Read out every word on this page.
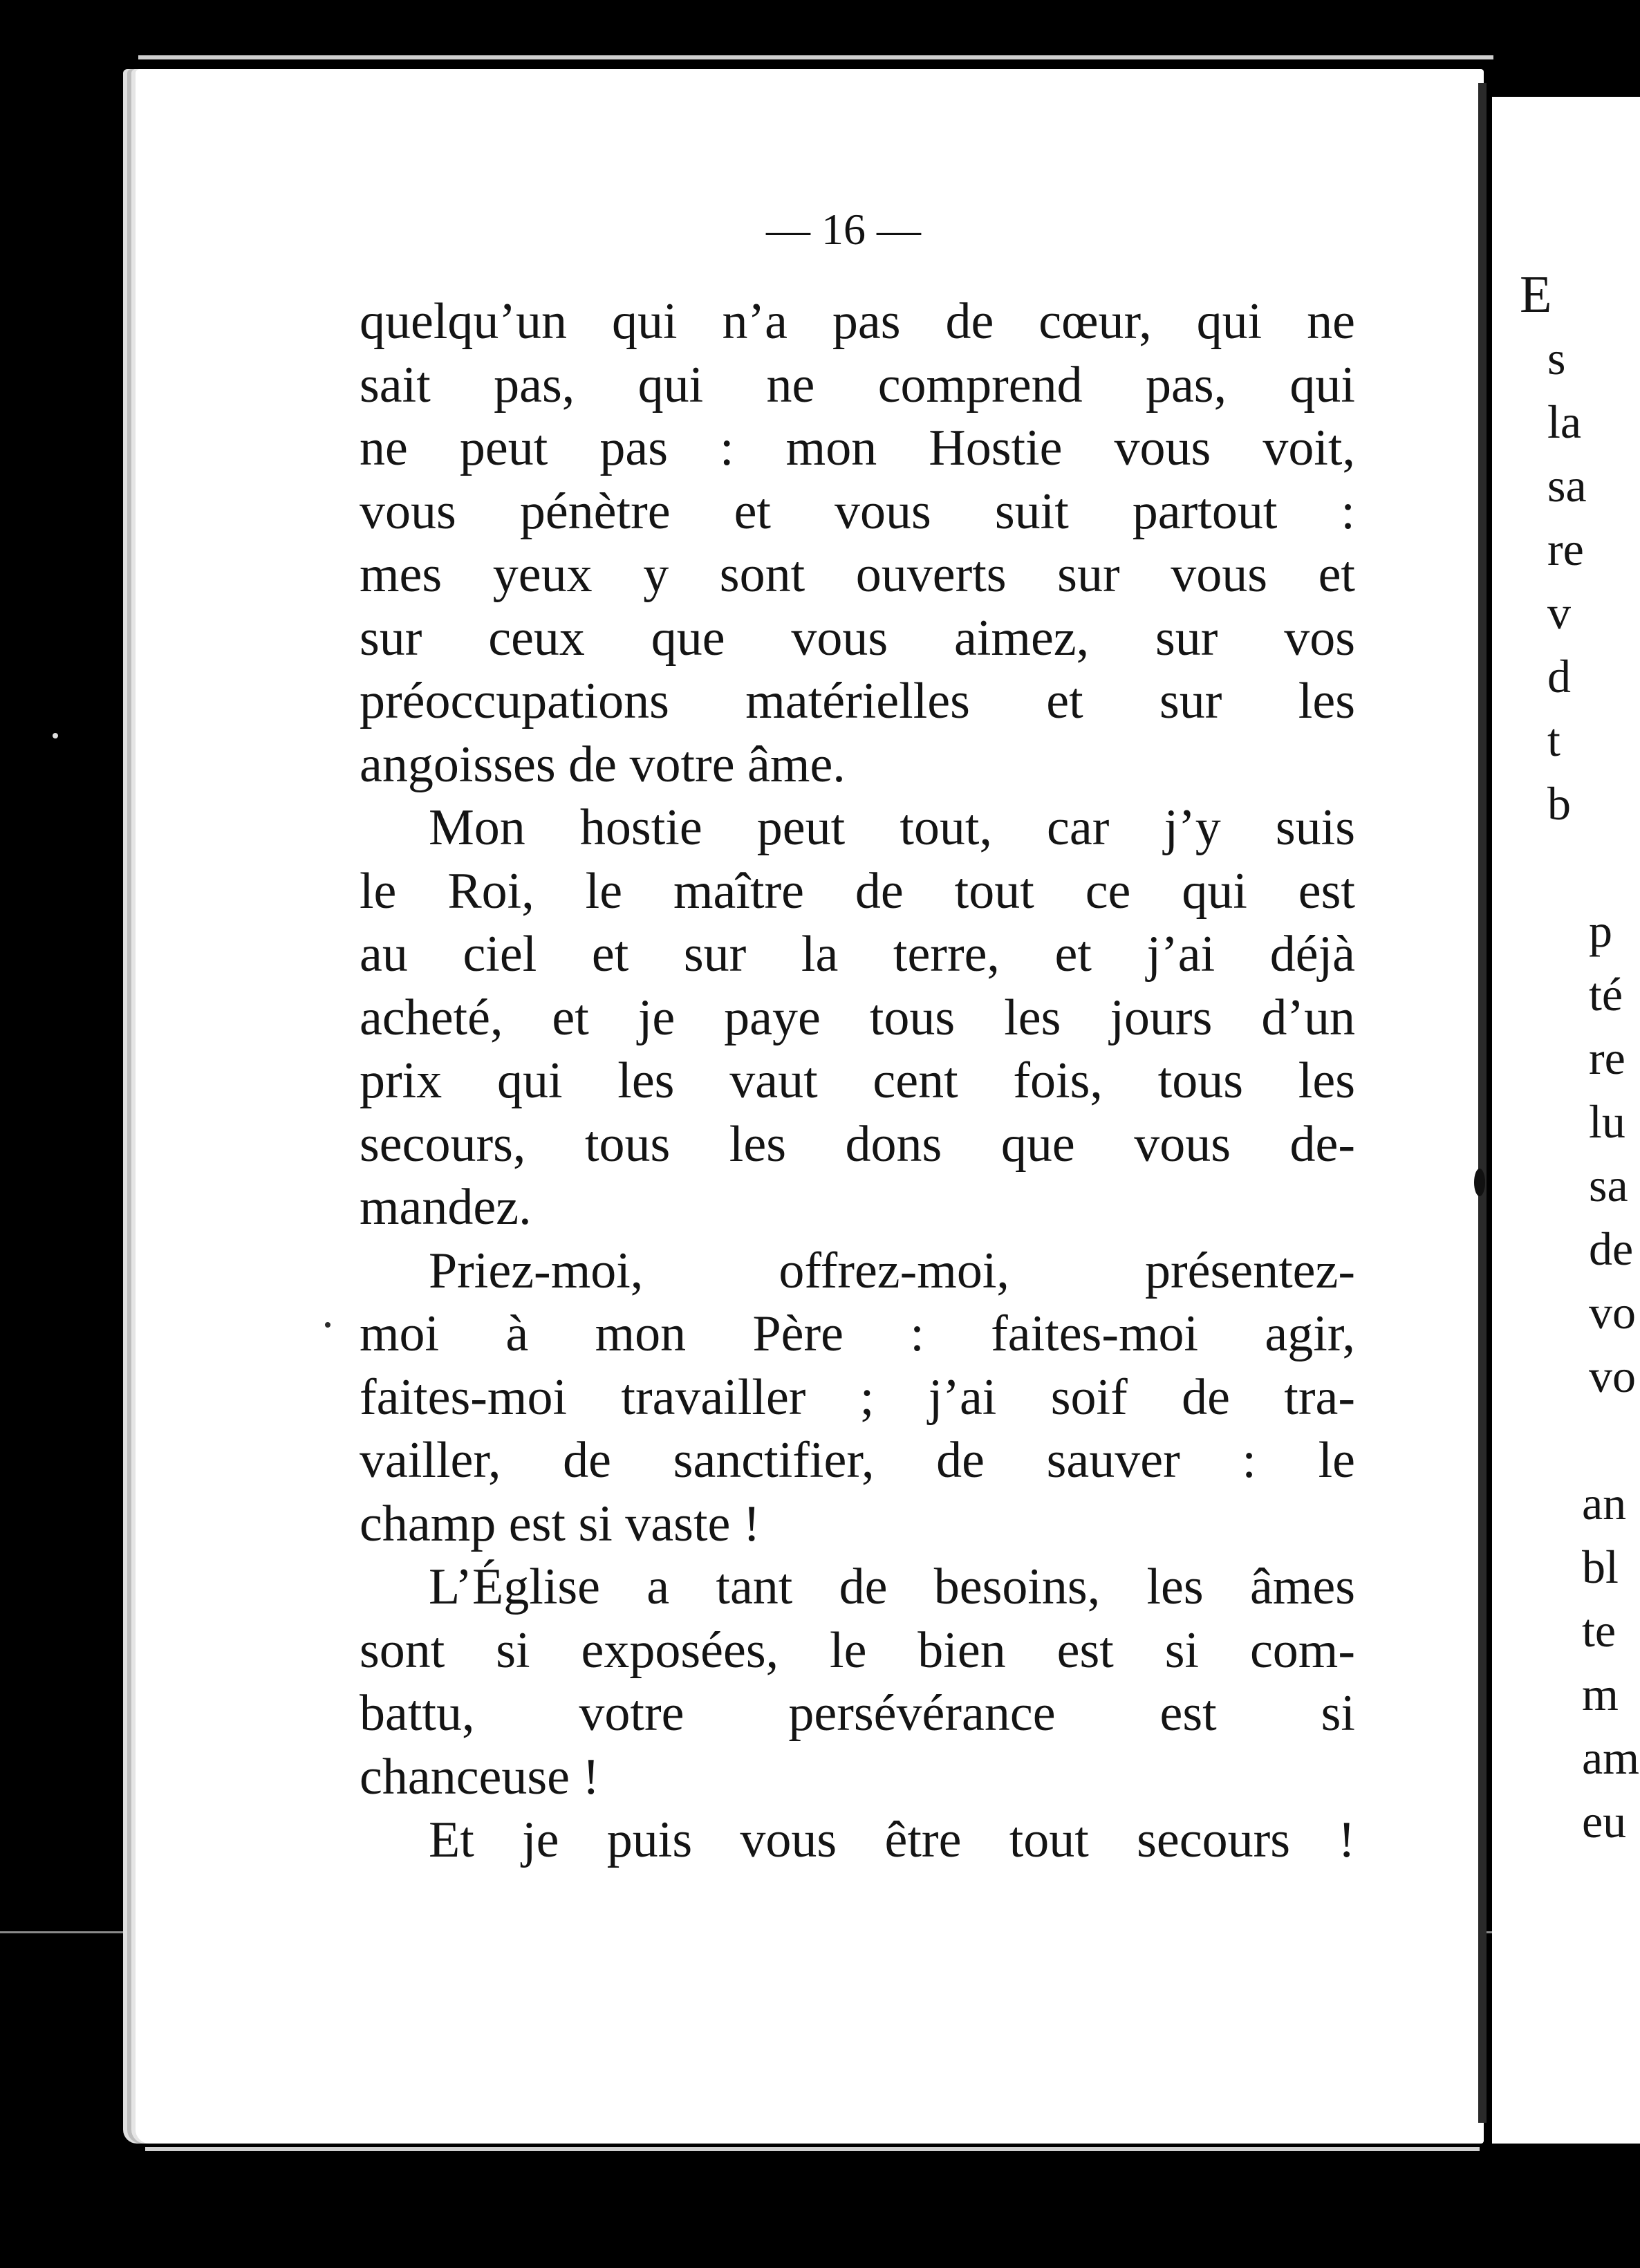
— 16 —
quelqu’un qui n’a pas de cœur, qui ne
sait pas, qui ne comprend pas, qui
ne peut pas : mon Hostie vous voit,
vous pénètre et vous suit partout :
mes yeux y sont ouverts sur vous et
sur ceux que vous aimez, sur vos
préoccupations matérielles et sur les
angoisses de votre âme.
Mon hostie peut tout, car j’y suis
le Roi, le maître de tout ce qui est
au ciel et sur la terre, et j’ai déjà
acheté, et je paye tous les jours d’un
prix qui les vaut cent fois, tous les
secours, tous les dons que vous de-
mandez.
Priez-moi, offrez-moi, présentez-
moi à mon Père : faites-moi agir,
faites-moi travailler ; j’ai soif de tra-
vailler, de sanctifier, de sauver : le
champ est si vaste !
L’Église a tant de besoins, les âmes
sont si exposées, le bien est si com-
battu, votre persévérance est si
chanceuse !
Et je puis vous être tout secours !
E
s
la
sa
re
v
d
t
b
p
té
re
lu
sa
de
vo
vo
an
bl
te
m
am
eu
